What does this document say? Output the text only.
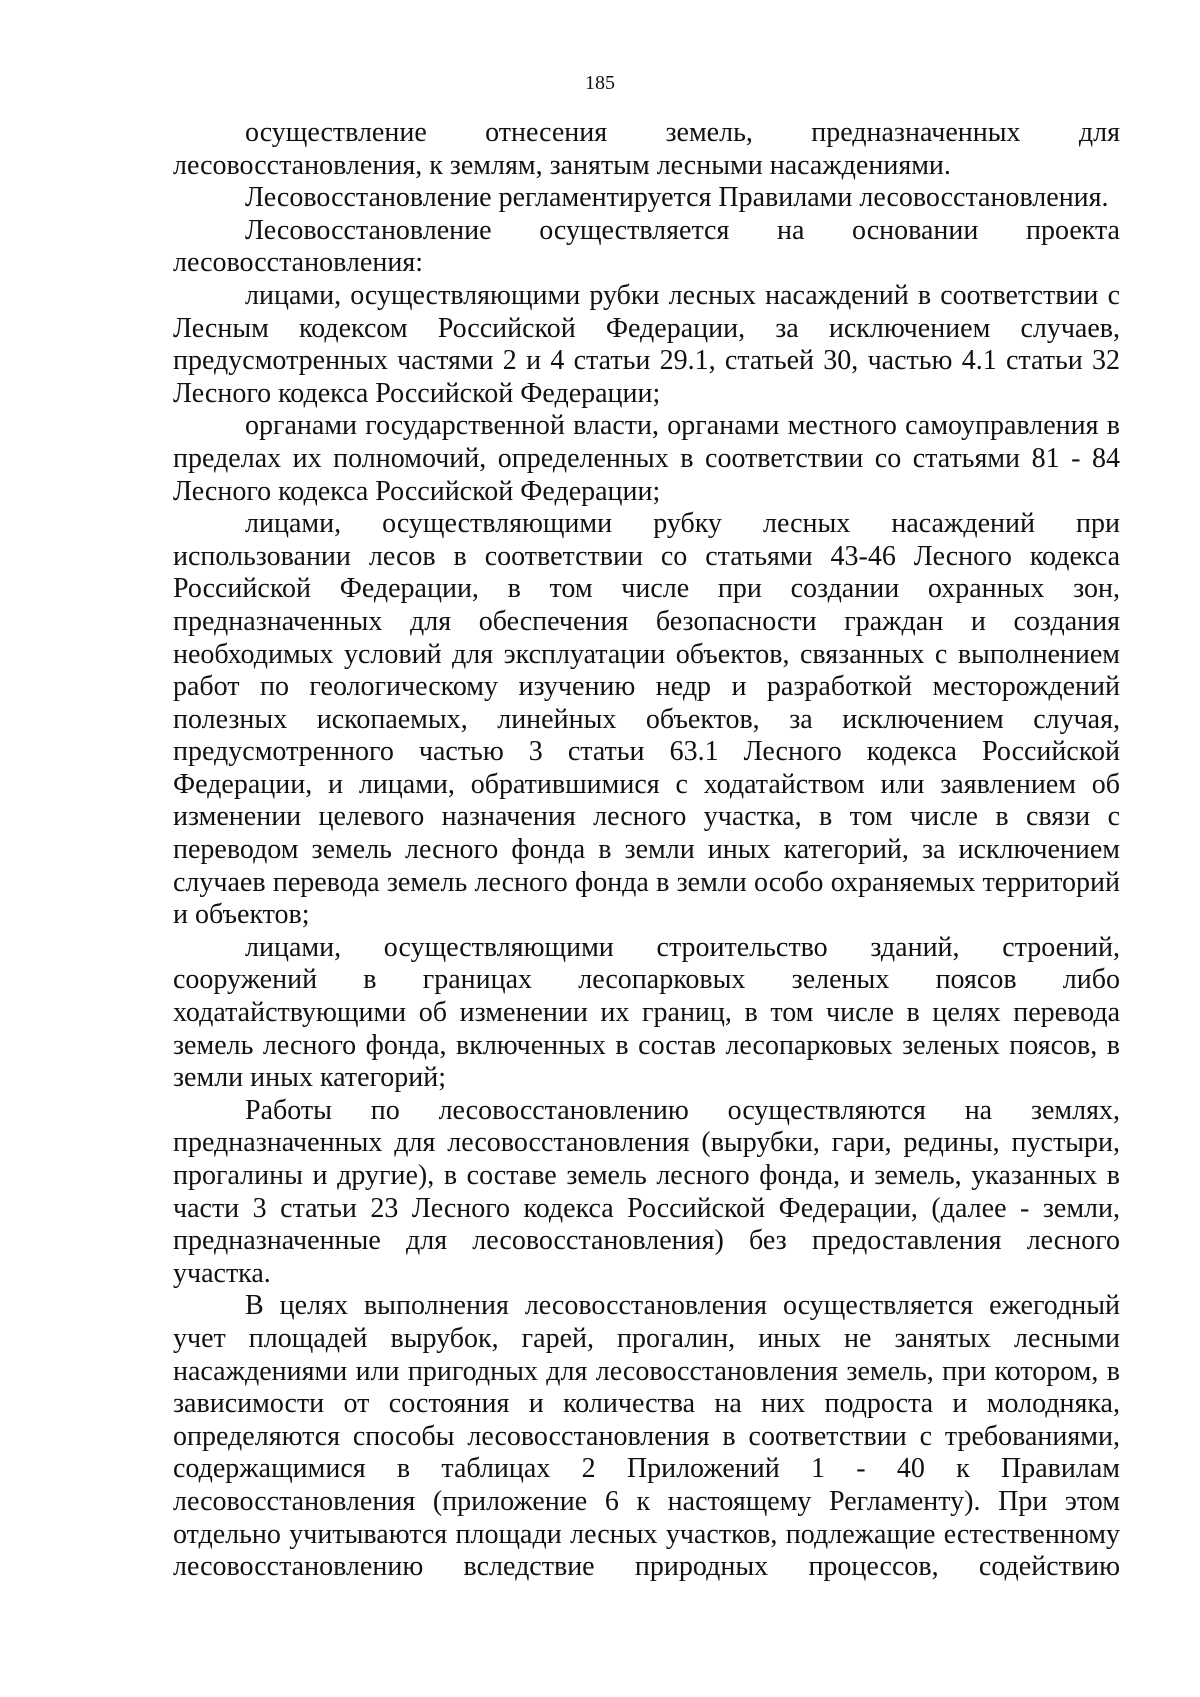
185

осуществление отнесения земель, предназначенных для лесовосстановления, к землям, занятым лесными насаждениями.

Лесовосстановление регламентируется Правилами лесовосстановления.

Лесовосстановление осуществляется на основании проекта лесовосстановления:

лицами, осуществляющими рубки лесных насаждений в соответствии с Лесным кодексом Российской Федерации, за исключением случаев, предусмотренных частями 2 и 4 статьи 29.1, статьей 30, частью 4.1 статьи 32 Лесного кодекса Российской Федерации;

органами государственной власти, органами местного самоуправления в пределах их полномочий, определенных в соответствии со статьями 81 - 84 Лесного кодекса Российской Федерации;

лицами, осуществляющими рубку лесных насаждений при использовании лесов в соответствии со статьями 43-46 Лесного кодекса Российской Федерации, в том числе при создании охранных зон, предназначенных для обеспечения безопасности граждан и создания необходимых условий для эксплуатации объектов, связанных с выполнением работ по геологическому изучению недр и разработкой месторождений полезных ископаемых, линейных объектов, за исключением случая, предусмотренного частью 3 статьи 63.1 Лесного кодекса Российской Федерации, и лицами, обратившимися с ходатайством или заявлением об изменении целевого назначения лесного участка, в том числе в связи с переводом земель лесного фонда в земли иных категорий, за исключением случаев перевода земель лесного фонда в земли особо охраняемых территорий и объектов;

лицами, осуществляющими строительство зданий, строений, сооружений в границах лесопарковых зеленых поясов либо ходатайствующими об изменении их границ, в том числе в целях перевода земель лесного фонда, включенных в состав лесопарковых зеленых поясов, в земли иных категорий;

Работы по лесовосстановлению осуществляются на землях, предназначенных для лесовосстановления (вырубки, гари, редины, пустыри, прогалины и другие), в составе земель лесного фонда, и земель, указанных в части 3 статьи 23 Лесного кодекса Российской Федерации, (далее - земли, предназначенные для лесовосстановления) без предоставления лесного участка.

В целях выполнения лесовосстановления осуществляется ежегодный учет площадей вырубок, гарей, прогалин, иных не занятых лесными насаждениями или пригодных для лесовосстановления земель, при котором, в зависимости от состояния и количества на них подроста и молодняка, определяются способы лесовосстановления в соответствии с требованиями, содержащимися в таблицах 2 Приложений 1 - 40 к Правилам лесовосстановления (приложение 6 к настоящему Регламенту). При этом отдельно учитываются площади лесных участков, подлежащие естественному лесовосстановлению вследствие природных процессов, содействию
